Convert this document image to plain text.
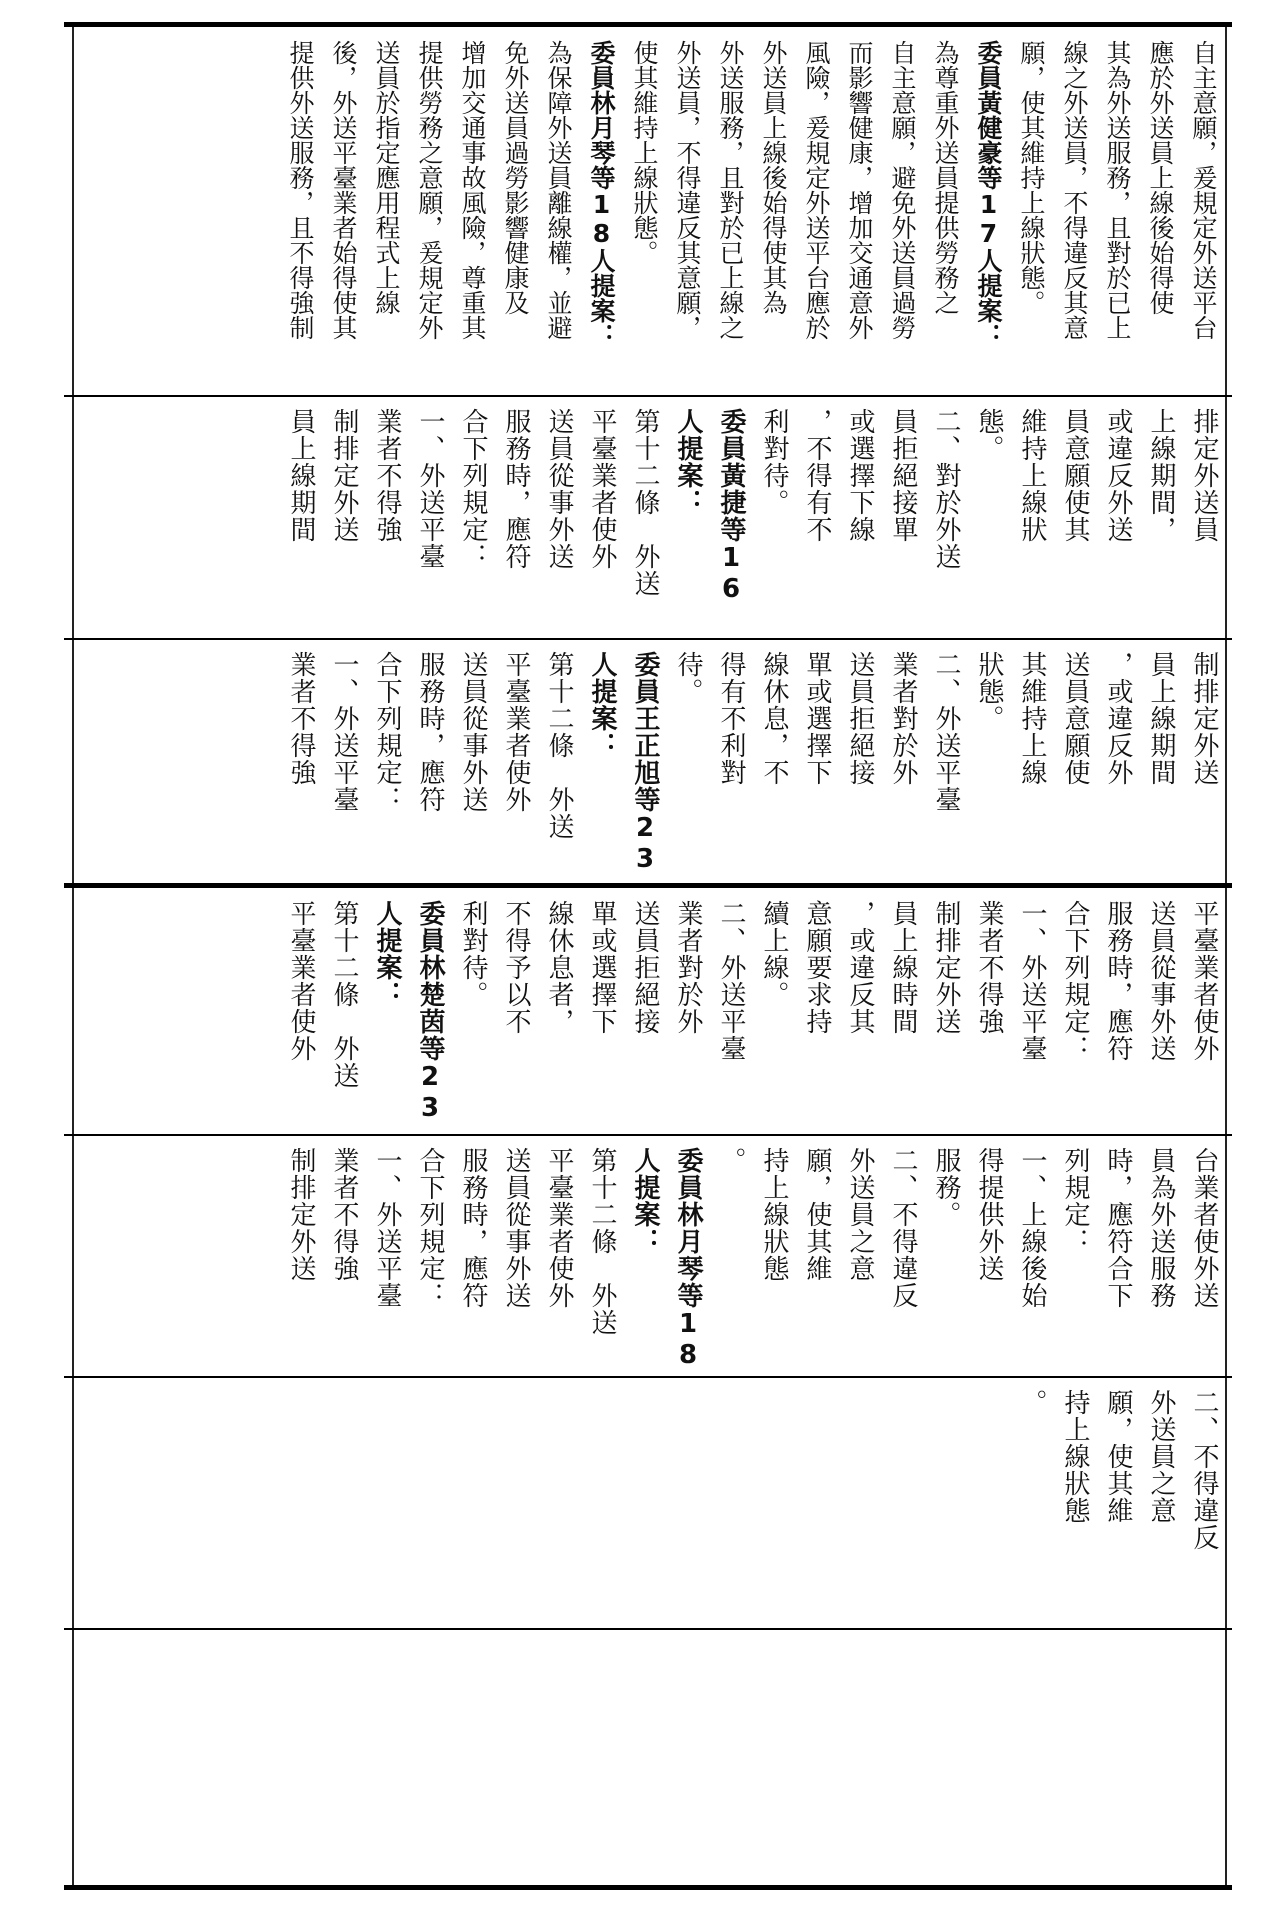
自主意願，爰規定外送平台
應於外送員上線後始得使
其為外送服務，且對於已上
線之外送員，不得違反其意
願，使其維持上線狀態。
委員黃健豪等17人提案：
為尊重外送員提供勞務之
自主意願，避免外送員過勞
而影響健康，增加交通意外
風險，爰規定外送平台應於
外送員上線後始得使其為
外送服務，且對於已上線之
外送員，不得違反其意願，
使其維持上線狀態。
委員林月琴等18人提案：
為保障外送員離線權，並避
免外送員過勞影響健康及
增加交通事故風險，尊重其
提供勞務之意願，爰規定外
送員於指定應用程式上線
後，外送平臺業者始得使其
提供外送服務，且不得強制
排定外送員
上線期間，
或違反外送
員意願使其
維持上線狀
態。
二、對於外送
員拒絕接單
或選擇下線
，不得有不
利對待。
委員黃捷等16
人提案：
第十二條　外送
平臺業者使外
送員從事外送
服務時，應符
合下列規定：
一、外送平臺
業者不得強
制排定外送
員上線期間
制排定外送
員上線期間
，或違反外
送員意願使
其維持上線
狀態。
二、外送平臺
業者對於外
送員拒絕接
單或選擇下
線休息，不
得有不利對
待。
委員王正旭等23
人提案：
第十二條　外送
平臺業者使外
送員從事外送
服務時，應符
合下列規定：
一、外送平臺
業者不得強
平臺業者使外
送員從事外送
服務時，應符
合下列規定：
一、外送平臺
業者不得強
制排定外送
員上線時間
，或違反其
意願要求持
續上線。
二、外送平臺
業者對於外
送員拒絕接
單或選擇下
線休息者，
不得予以不
利對待。
委員林楚茵等23
人提案：
第十二條　外送
平臺業者使外
台業者使外送
員為外送服務
時，應符合下
列規定：
一、上線後始
得提供外送
服務。
二、不得違反
外送員之意
願，使其維
持上線狀態
。
委員林月琴等18
人提案：
第十二條　外送
平臺業者使外
送員從事外送
服務時，應符
合下列規定：
一、外送平臺
業者不得強
制排定外送
二、不得違反
外送員之意
願，使其維
持上線狀態
。
